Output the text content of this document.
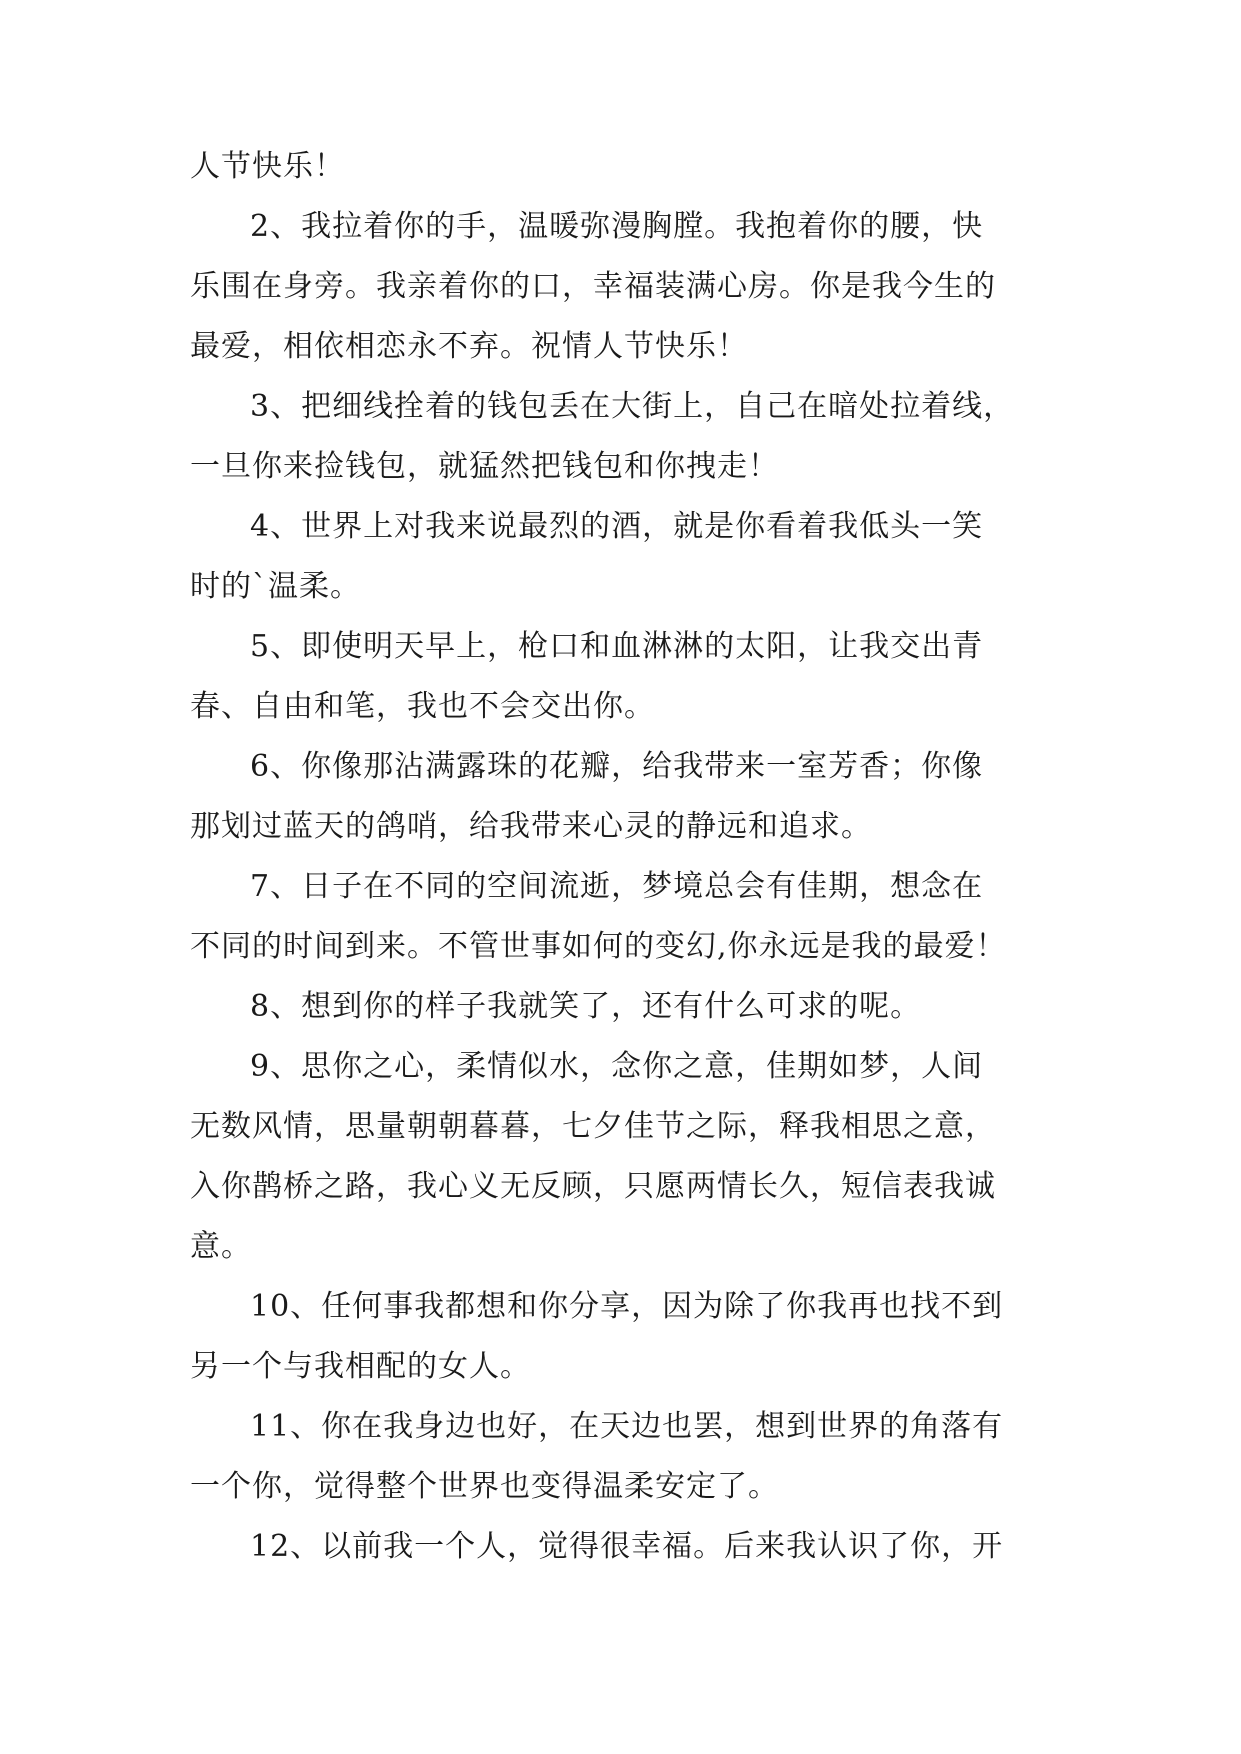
人节快乐！
2、我拉着你的手，温暖弥漫胸膛。我抱着你的腰，快
乐围在身旁。我亲着你的口，幸福装满心房。你是我今生的
最爱，相依相恋永不弃。祝情人节快乐！
3、把细线拴着的钱包丢在大街上，自己在暗处拉着线，
一旦你来捡钱包，就猛然把钱包和你拽走！
4、世界上对我来说最烈的酒，就是你看着我低头一笑
时的`温柔。
5、即使明天早上，枪口和血淋淋的太阳，让我交出青
春、自由和笔，我也不会交出你。
6、你像那沾满露珠的花瓣，给我带来一室芳香；你像
那划过蓝天的鸽哨，给我带来心灵的静远和追求。
7、日子在不同的空间流逝，梦境总会有佳期，想念在
不同的时间到来。不管世事如何的变幻,你永远是我的最爱！
8、想到你的样子我就笑了，还有什么可求的呢。
9、思你之心，柔情似水，念你之意，佳期如梦，人间
无数风情，思量朝朝暮暮，七夕佳节之际，释我相思之意，
入你鹊桥之路，我心义无反顾，只愿两情长久，短信表我诚
意。
10、任何事我都想和你分享，因为除了你我再也找不到
另一个与我相配的女人。
11、你在我身边也好，在天边也罢，想到世界的角落有
一个你，觉得整个世界也变得温柔安定了。
12、以前我一个人，觉得很幸福。后来我认识了你，开
